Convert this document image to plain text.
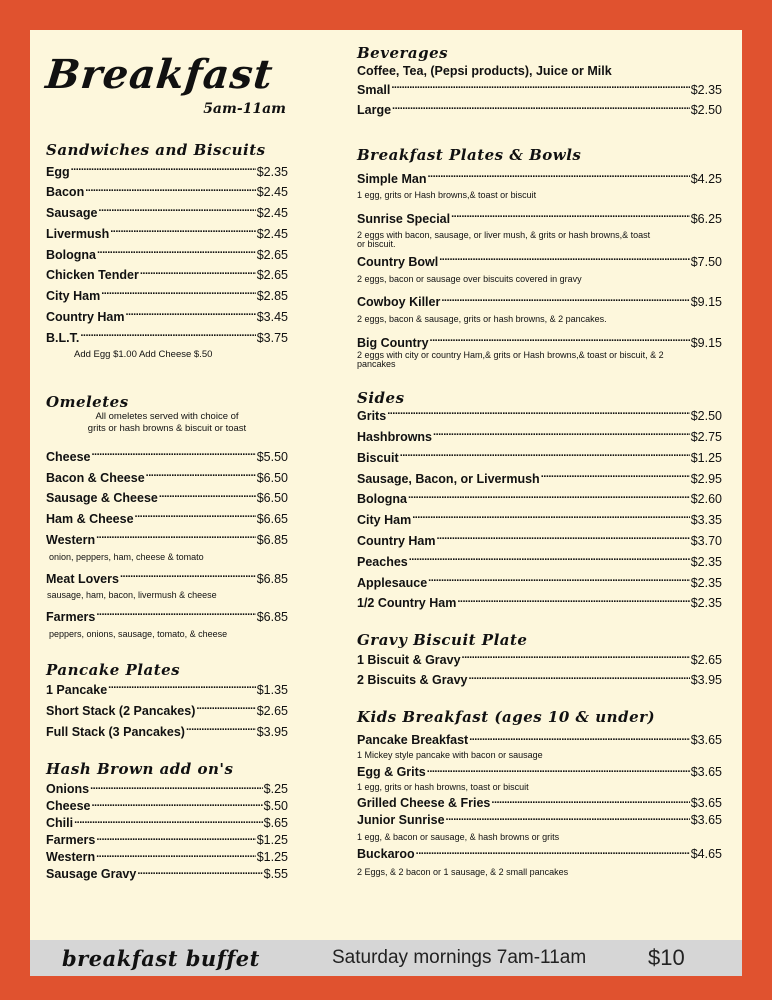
Breakfast
5am-11am
Sandwiches and Biscuits
Egg .....	$2.35
Bacon .....	$2.45
Sausage .....	$2.45
Livermush .....	$2.45
Bologna .....	$2.65
Chicken Tender .....	$2.65
City Ham .....	$2.85
Country Ham .....	$3.45
B.L.T. .....	$3.75
Add Egg $1.00 Add Cheese $.50
Omeletes
All omeletes served with choice of
grits or hash browns & biscuit or toast
Cheese .....	$5.50
Bacon & Cheese .....	$6.50
Sausage & Cheese .....	$6.50
Ham & Cheese .....	$6.65
Western .....	$6.85
onion, peppers, ham, cheese & tomato
Meat Lovers .....	$6.85
sausage, ham, bacon, livermush & cheese
Farmers .....	$6.85
peppers, onions, sausage, tomato, & cheese
Pancake Plates
1 Pancake .....	$1.35
Short Stack (2 Pancakes) .....	$2.65
Full Stack (3 Pancakes) .....	$3.95
Hash Brown add on's
Onions .....	$.25
Cheese .....	$.50
Chili .....	$.65
Farmers .....	$1.25
Western .....	$1.25
Sausage Gravy .....	$.55
Beverages
Coffee, Tea, (Pepsi products), Juice or Milk
Small .....	$2.35
Large .....	$2.50
Breakfast Plates & Bowls
Simple Man .....	$4.25
1 egg, grits or Hash browns,& toast or biscuit
Sunrise Special .....	$6.25
2 eggs with bacon, sausage, or liver mush, & grits or hash browns,& toast or biscuit.
Country Bowl .....	$7.50
2 eggs, bacon or sausage over biscuits covered in gravy
Cowboy Killer .....	$9.15
2 eggs, bacon & sausage, grits or hash browns, & 2 pancakes.
Big Country .....	$9.15
2 eggs with city or country Ham,& grits or Hash browns,& toast or biscuit, & 2 pancakes
Sides
Grits .....	$2.50
Hashbrowns .....	$2.75
Biscuit .....	$1.25
Sausage, Bacon, or Livermush .....	$2.95
Bologna .....	$2.60
City Ham .....	$3.35
Country Ham .....	$3.70
Peaches .....	$2.35
Applesauce .....	$2.35
1/2 Country Ham .....	$2.35
Gravy Biscuit Plate
1 Biscuit & Gravy .....	$2.65
2 Biscuits & Gravy .....	$3.95
Kids Breakfast (ages 10 & under)
Pancake Breakfast .....	$3.65
1 Mickey style pancake with bacon or sausage
Egg & Grits .....	$3.65
1 egg, grits or hash browns, toast or biscuit
Grilled Cheese & Fries .....	$3.65
Junior Sunrise .....	$3.65
1 egg, & bacon or sausage, & hash browns or grits
Buckaroo .....	$4.65
2 Eggs, & 2 bacon or 1 sausage, & 2 small pancakes
breakfast buffet	Saturday mornings 7am-11am	$10
